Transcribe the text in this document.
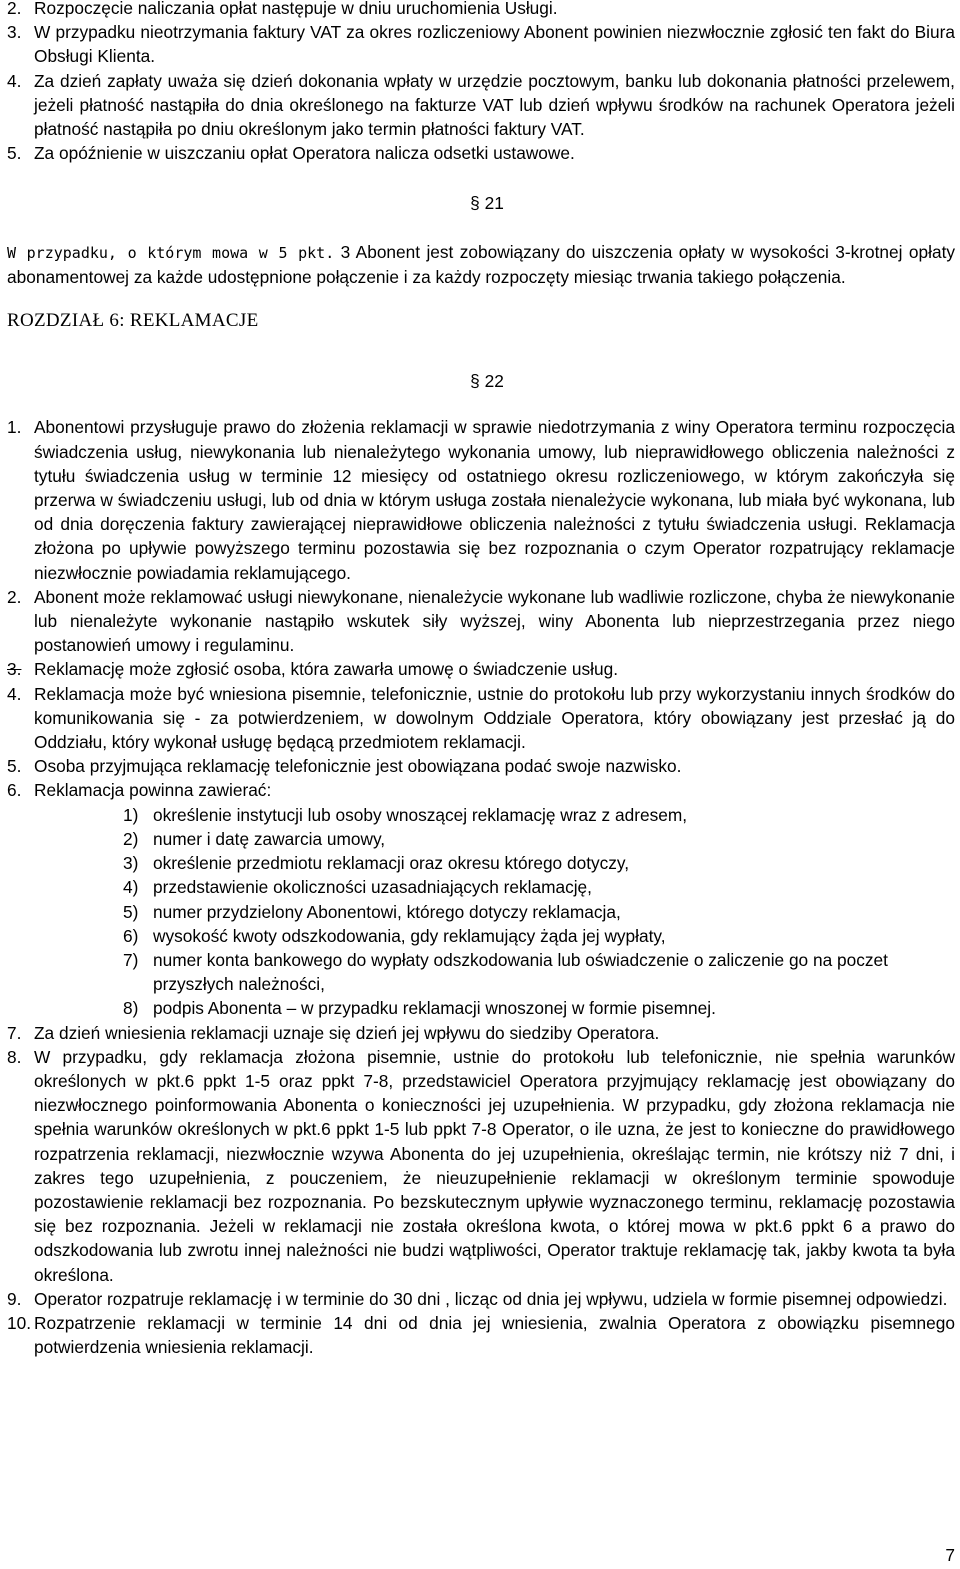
2. Rozpoczęcie naliczania opłat następuje w dniu uruchomienia Usługi.
3. W przypadku nieotrzymania faktury VAT za okres rozliczeniowy Abonent powinien niezwłocznie zgłosić ten fakt do Biura Obsługi Klienta.
4. Za dzień zapłaty uważa się dzień dokonania wpłaty w urzędzie pocztowym, banku lub dokonania płatności przelewem, jeżeli płatność nastąpiła do dnia określonego na fakturze VAT lub dzień wpływu środków na rachunek Operatora jeżeli płatność nastąpiła po dniu określonym jako termin płatności faktury VAT.
5. Za opóźnienie w uiszczaniu opłat Operatora nalicza odsetki ustawowe.
§ 21
W przypadku, o którym mowa w 5 pkt. 3 Abonent jest zobowiązany do uiszczenia opłaty w wysokości 3-krotnej opłaty abonamentowej za każde udostępnione połączenie i za każdy rozpoczęty miesiąc trwania takiego połączenia.
ROZDZIAŁ 6: REKLAMACJE
§ 22
1. Abonentowi przysługuje prawo do złożenia reklamacji w sprawie niedotrzymania z winy Operatora terminu rozpoczęcia świadczenia usług, niewykonania lub nienależytego wykonania umowy, lub nieprawidłowego obliczenia należności z tytułu świadczenia usług w terminie 12 miesięcy od ostatniego okresu rozliczeniowego, w którym zakończyła się przerwa w świadczeniu usługi, lub od dnia w którym usługa została nienależycie wykonana, lub miała być wykonana, lub od dnia doręczenia faktury zawierającej nieprawidłowe obliczenia należności z tytułu świadczenia usługi. Reklamacja złożona po upływie powyższego terminu pozostawia się bez rozpoznania o czym Operator rozpatrujący reklamacje niezwłocznie powiadamia reklamującego.
2. Abonent może reklamować usługi niewykonane, nienależycie wykonane lub wadliwie rozliczone, chyba że niewykonanie lub nienależyte wykonanie nastąpiło wskutek siły wyższej, winy Abonenta lub nieprzestrzegania przez niego postanowień umowy i regulaminu.
3. Reklamację może zgłosić osoba, która zawarła umowę o świadczenie usług.
4. Reklamacja może być wniesiona pisemnie, telefonicznie, ustnie do protokołu lub przy wykorzystaniu innych środków do komunikowania się - za potwierdzeniem, w dowolnym Oddziale Operatora, który obowiązany jest przesłać ją do Oddziału, który wykonał usługę będącą przedmiotem reklamacji.
5. Osoba przyjmująca reklamację telefonicznie jest obowiązana podać swoje nazwisko.
6. Reklamacja powinna zawierać:
1) określenie instytucji lub osoby wnoszącej reklamację wraz z adresem,
2) numer i datę zawarcia umowy,
3) określenie przedmiotu reklamacji oraz okresu którego dotyczy,
4) przedstawienie okoliczności uzasadniających reklamację,
5) numer przydzielony Abonentowi, którego dotyczy reklamacja,
6) wysokość kwoty odszkodowania, gdy reklamujący żąda jej wypłaty,
7) numer konta bankowego do wypłaty odszkodowania lub oświadczenie o zaliczenie go na poczet przyszłych należności,
8) podpis Abonenta – w przypadku reklamacji wnoszonej w formie pisemnej.
7. Za dzień wniesienia reklamacji uznaje się dzień jej wpływu do siedziby Operatora.
8. W przypadku, gdy reklamacja złożona pisemnie, ustnie do protokołu lub telefonicznie, nie spełnia warunków określonych w pkt.6 ppkt 1-5 oraz ppkt 7-8, przedstawiciel Operatora przyjmujący reklamację jest obowiązany do niezwłocznego poinformowania Abonenta o konieczności jej uzupełnienia. W przypadku, gdy złożona reklamacja nie spełnia warunków określonych w pkt.6 ppkt 1-5 lub ppkt 7-8 Operator, o ile uzna, że jest to konieczne do prawidłowego rozpatrzenia reklamacji, niezwłocznie wzywa Abonenta do jej uzupełnienia, określając termin, nie krótszy niż 7 dni, i zakres tego uzupełnienia, z pouczeniem, że nieuzupełnienie reklamacji w określonym terminie spowoduje pozostawienie reklamacji bez rozpoznania. Po bezskutecznym upływie wyznaczonego terminu, reklamację pozostawia się bez rozpoznania. Jeżeli w reklamacji nie została określona kwota, o której mowa w pkt.6 ppkt 6 a prawo do odszkodowania lub zwrotu innej należności nie budzi wątpliwości, Operator traktuje reklamację tak, jakby kwota ta była określona.
9. Operator rozpatruje reklamację i w terminie do 30 dni , licząc od dnia jej wpływu, udziela w formie pisemnej odpowiedzi.
10. Rozpatrzenie reklamacji w terminie 14 dni od dnia jej wniesienia, zwalnia Operatora z obowiązku pisemnego potwierdzenia wniesienia reklamacji.
7
